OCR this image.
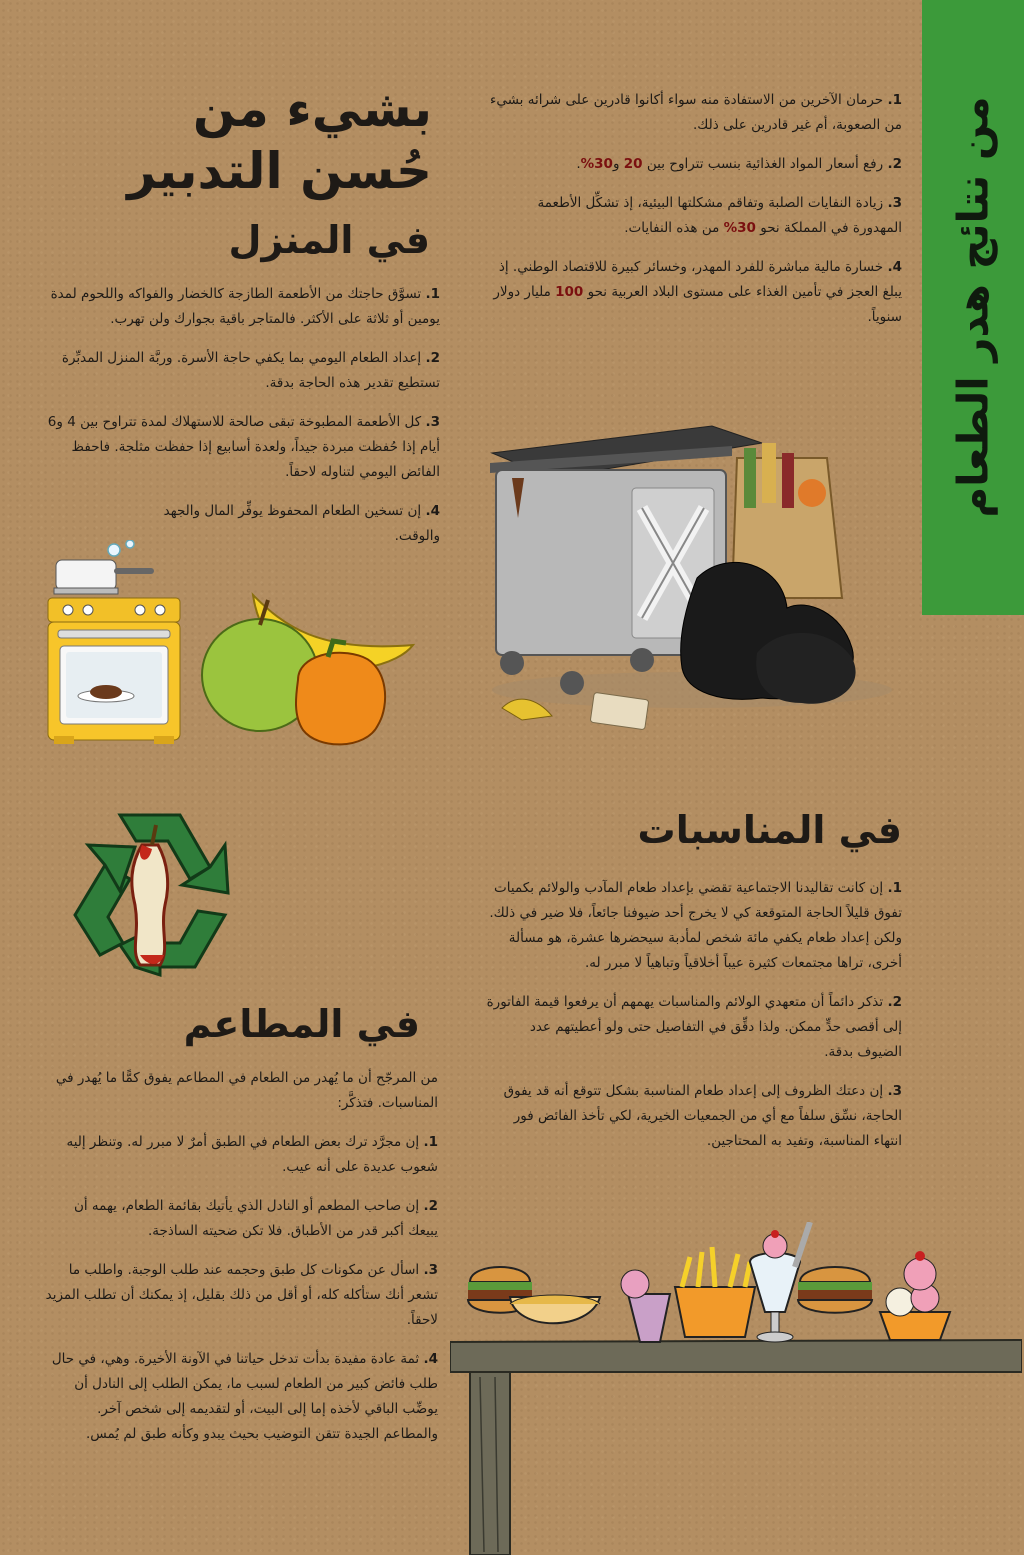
من نتائج هدر الطعام
1. حرمان الآخرين من الاستفادة منه سواء أكانوا قادرين على شرائه بشيء من الصعوبة، أم غير قادرين على ذلك.
2. رفع أسعار المواد الغذائية بنسب تتراوح بين 20 و30%.
3. زيادة النفايات الصلبة وتفاقم مشكلتها البيئية، إذ تشكِّل الأطعمة المهدورة في المملكة نحو 30% من هذه النفايات.
4. خسارة مالية مباشرة للفرد المهدر، وخسائر كبيرة للاقتصاد الوطني. إذ يبلغ العجز في تأمين الغذاء على مستوى البلاد العربية نحو 100 مليار دولار سنوياً.
بشيء من
حُسن التدبير
في المنزل
1. تسوَّق حاجتك من الأطعمة الطازجة كالخضار والفواكه واللحوم لمدة يومين أو ثلاثة على الأكثر. فالمتاجر باقية بجوارك ولن تهرب.
2. إعداد الطعام اليومي بما يكفي حاجة الأسرة. وربَّة المنزل المدبِّرة تستطيع تقدير هذه الحاجة بدقة.
3. كل الأطعمة المطبوخة تبقى صالحة للاستهلاك لمدة تتراوح بين 4 و6 أيام إذا حُفظت مبردة جيداً، ولعدة أسابيع إذا حفظت مثلجة. فاحفظ الفائض اليومي لتناوله لاحقاً.
4. إن تسخين الطعام المحفوظ يوفِّر المال والجهد والوقت.
في المناسبات
1. إن كانت تقاليدنا الاجتماعية تقضي بإعداد طعام المآدب والولائم بكميات تفوق قليلاً الحاجة المتوقعة كي لا يخرج أحد ضيوفنا جائعاً، فلا ضير في ذلك. ولكن إعداد طعام يكفي مائة شخص لمأدبة سيحضرها عشرة، هو مسألة أخرى، تراها مجتمعات كثيرة عيباً أخلاقياً وتباهياً لا مبرر له.
2. تذكر دائماً أن متعهدي الولائم والمناسبات يهمهم أن يرفعوا قيمة الفاتورة إلى أقصى حدٍّ ممكن. ولذا دقِّق في التفاصيل حتى ولو أعطيتهم عدد الضيوف بدقة.
3. إن دعتك الظروف إلى إعداد طعام المناسبة بشكل تتوقع أنه قد يفوق الحاجة، نسِّق سلفاً مع أي من الجمعيات الخيرية، لكي تأخذ الفائض فور انتهاء المناسبة، وتفيد به المحتاجين.
في المطاعم
من المرجّح أن ما يُهدر من الطعام في المطاعم يفوق كمًّا ما يُهدر في المناسبات. فتذكَّر:
1. إن مجرَّد ترك بعض الطعام في الطبق أمرٌ لا مبرر له. وتنظر إليه شعوب عديدة على أنه عيب.
2. إن صاحب المطعم أو النادل الذي يأتيك بقائمة الطعام، يهمه أن يبيعك أكبر قدر من الأطباق. فلا تكن ضحيته الساذجة.
3. اسأل عن مكونات كل طبق وحجمه عند طلب الوجبة. واطلب ما تشعر أنك ستأكله كله، أو أقل من ذلك بقليل، إذ يمكنك أن تطلب المزيد لاحقاً.
4. ثمة عادة مفيدة بدأت تدخل حياتنا في الآونة الأخيرة. وهي، في حال طلب فائض كبير من الطعام لسبب ما، يمكن الطلب إلى النادل أن يوضِّب الباقي لأخذه إما إلى البيت، أو لتقديمه إلى شخص آخر. والمطاعم الجيدة تتقن التوضيب بحيث يبدو وكأنه طبق لم يُمس.
